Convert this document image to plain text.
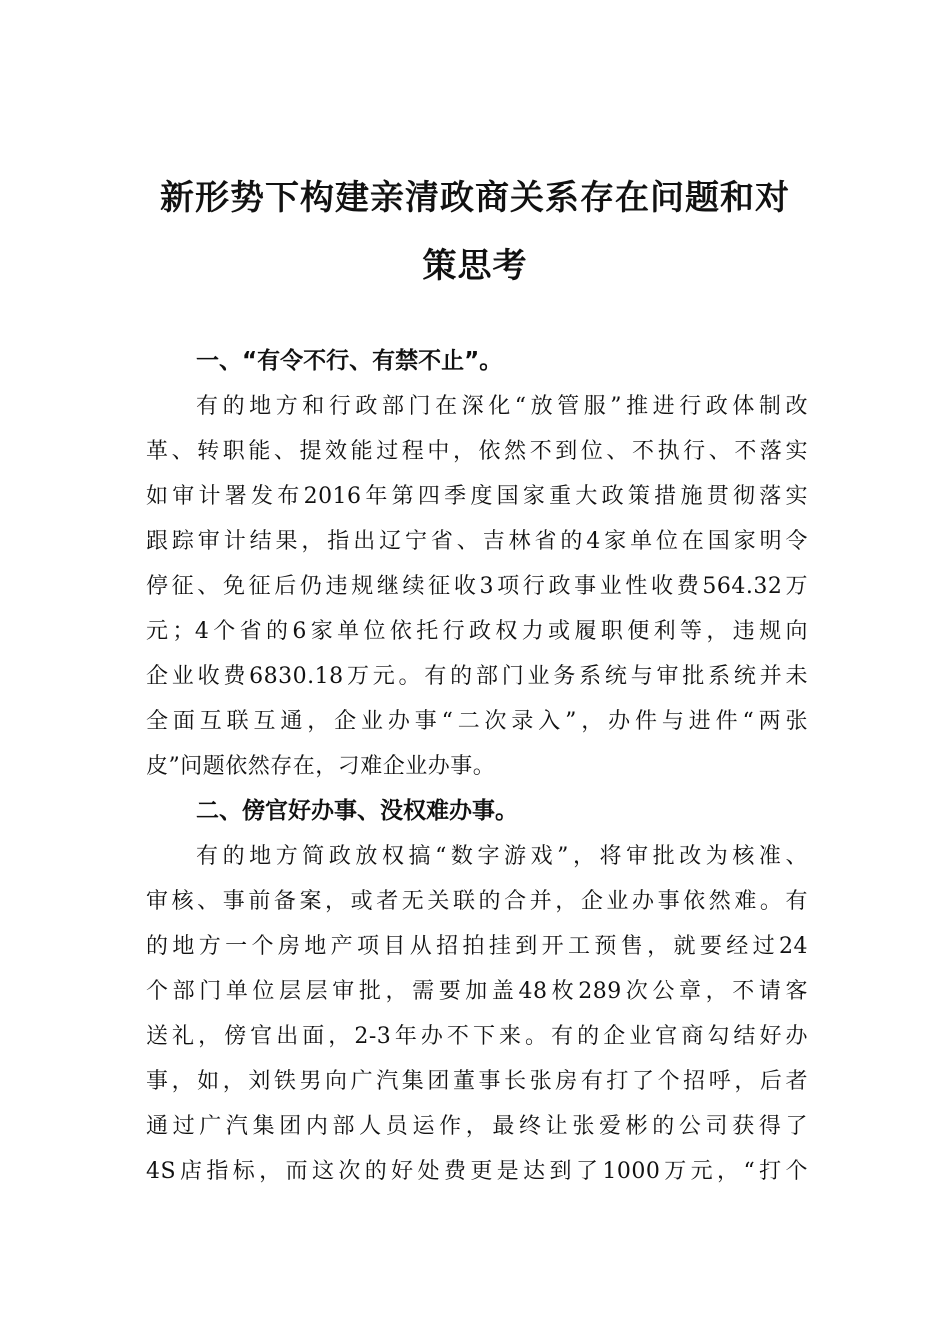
新形势下构建亲清政商关系存在问题和对
策思考
一、“有令不行、有禁不止”。
有的地方和行政部门在深化“放管服”推进行政体制改
革、转职能、提效能过程中，依然不到位、不执行、不落实
如审计署发布2016年第四季度国家重大政策措施贯彻落实
跟踪审计结果，指出辽宁省、吉林省的4家单位在国家明令
停征、免征后仍违规继续征收3项行政事业性收费564.32万
元；4个省的6家单位依托行政权力或履职便利等，违规向
企业收费6830.18万元。有的部门业务系统与审批系统并未
全面互联互通，企业办事“二次录入”，办件与进件“两张
皮”问题依然存在，刁难企业办事。
二、傍官好办事、没权难办事。
有的地方简政放权搞“数字游戏”，将审批改为核准、
审核、事前备案，或者无关联的合并，企业办事依然难。有
的地方一个房地产项目从招拍挂到开工预售，就要经过24
个部门单位层层审批，需要加盖48枚289次公章，不请客
送礼，傍官出面，2-3年办不下来。有的企业官商勾结好办
事，如，刘铁男向广汽集团董事长张房有打了个招呼，后者
通过广汽集团内部人员运作，最终让张爱彬的公司获得了
4S店指标，而这次的好处费更是达到了1000万元，“打个
